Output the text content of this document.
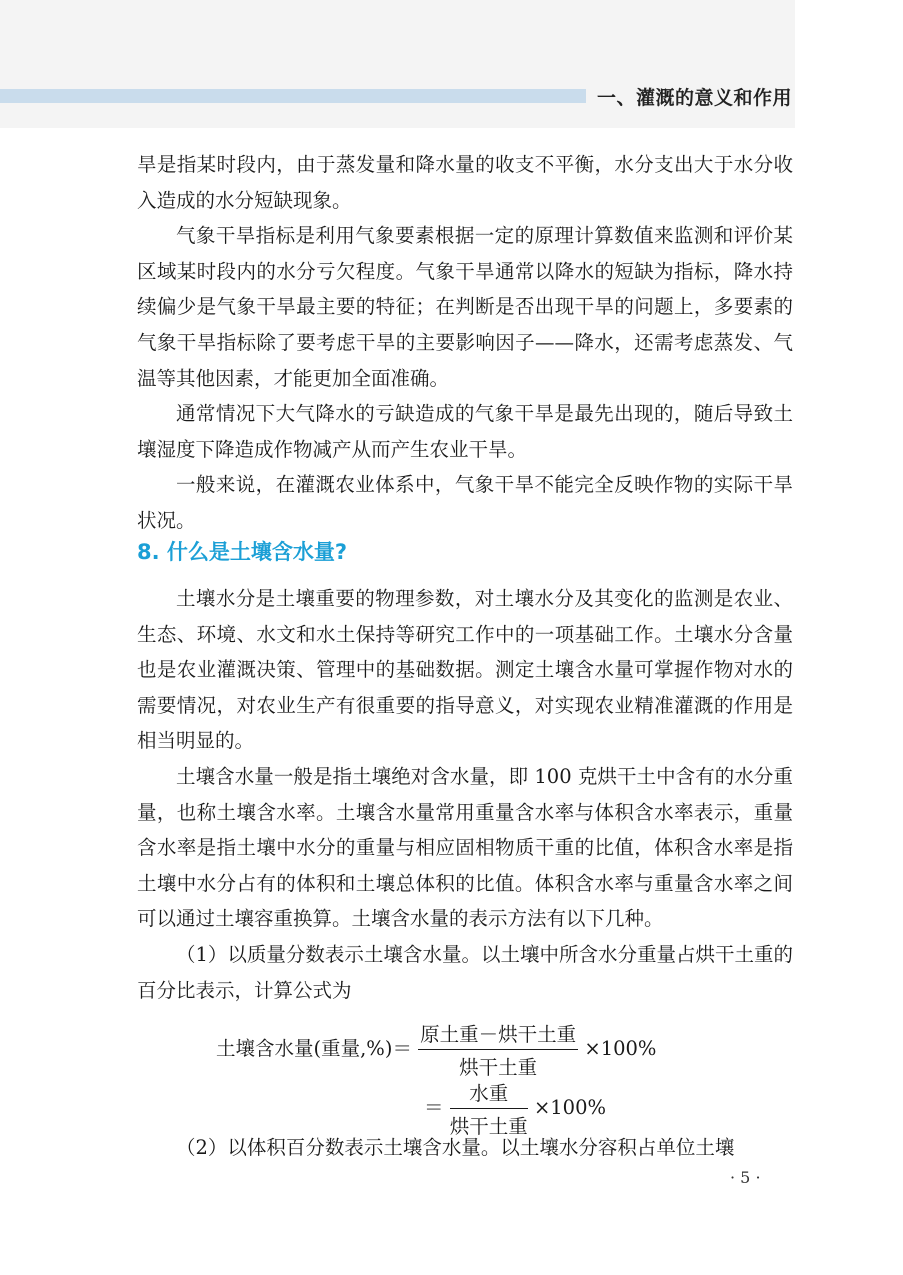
一、灌溉的意义和作用

旱是指某时段内，由于蒸发量和降水量的收支不平衡，水分支出大于水分收入造成的水分短缺现象。

气象干旱指标是利用气象要素根据一定的原理计算数值来监测和评价某区域某时段内的水分亏欠程度。气象干旱通常以降水的短缺为指标，降水持续偏少是气象干旱最主要的特征；在判断是否出现干旱的问题上，多要素的气象干旱指标除了要考虑干旱的主要影响因子——降水，还需考虑蒸发、气温等其他因素，才能更加全面准确。

通常情况下大气降水的亏缺造成的气象干旱是最先出现的，随后导致土壤湿度下降造成作物减产从而产生农业干旱。

一般来说，在灌溉农业体系中，气象干旱不能完全反映作物的实际干旱状况。

8. 什么是土壤含水量?

土壤水分是土壤重要的物理参数，对土壤水分及其变化的监测是农业、生态、环境、水文和水土保持等研究工作中的一项基础工作。土壤水分含量也是农业灌溉决策、管理中的基础数据。测定土壤含水量可掌握作物对水的需要情况，对农业生产有很重要的指导意义，对实现农业精准灌溉的作用是相当明显的。

土壤含水量一般是指土壤绝对含水量，即 100 克烘干土中含有的水分重量，也称土壤含水率。土壤含水量常用重量含水率与体积含水率表示，重量含水率是指土壤中水分的重量与相应固相物质干重的比值，体积含水率是指土壤中水分占有的体积和土壤总体积的比值。体积含水率与重量含水率之间可以通过土壤容重换算。土壤含水量的表示方法有以下几种。

（1）以质量分数表示土壤含水量。以土壤中所含水分重量占烘干土重的百分比表示，计算公式为

土壤含水量(重量,%)＝ $\frac{\text{原土重－烘干土重}}{\text{烘干土重}} \times 100\%$
＝ $\frac{\text{水重}}{\text{烘干土重}} \times 100\%$

（2）以体积百分数表示土壤含水量。以土壤水分容积占单位土壤

· 5 ·
